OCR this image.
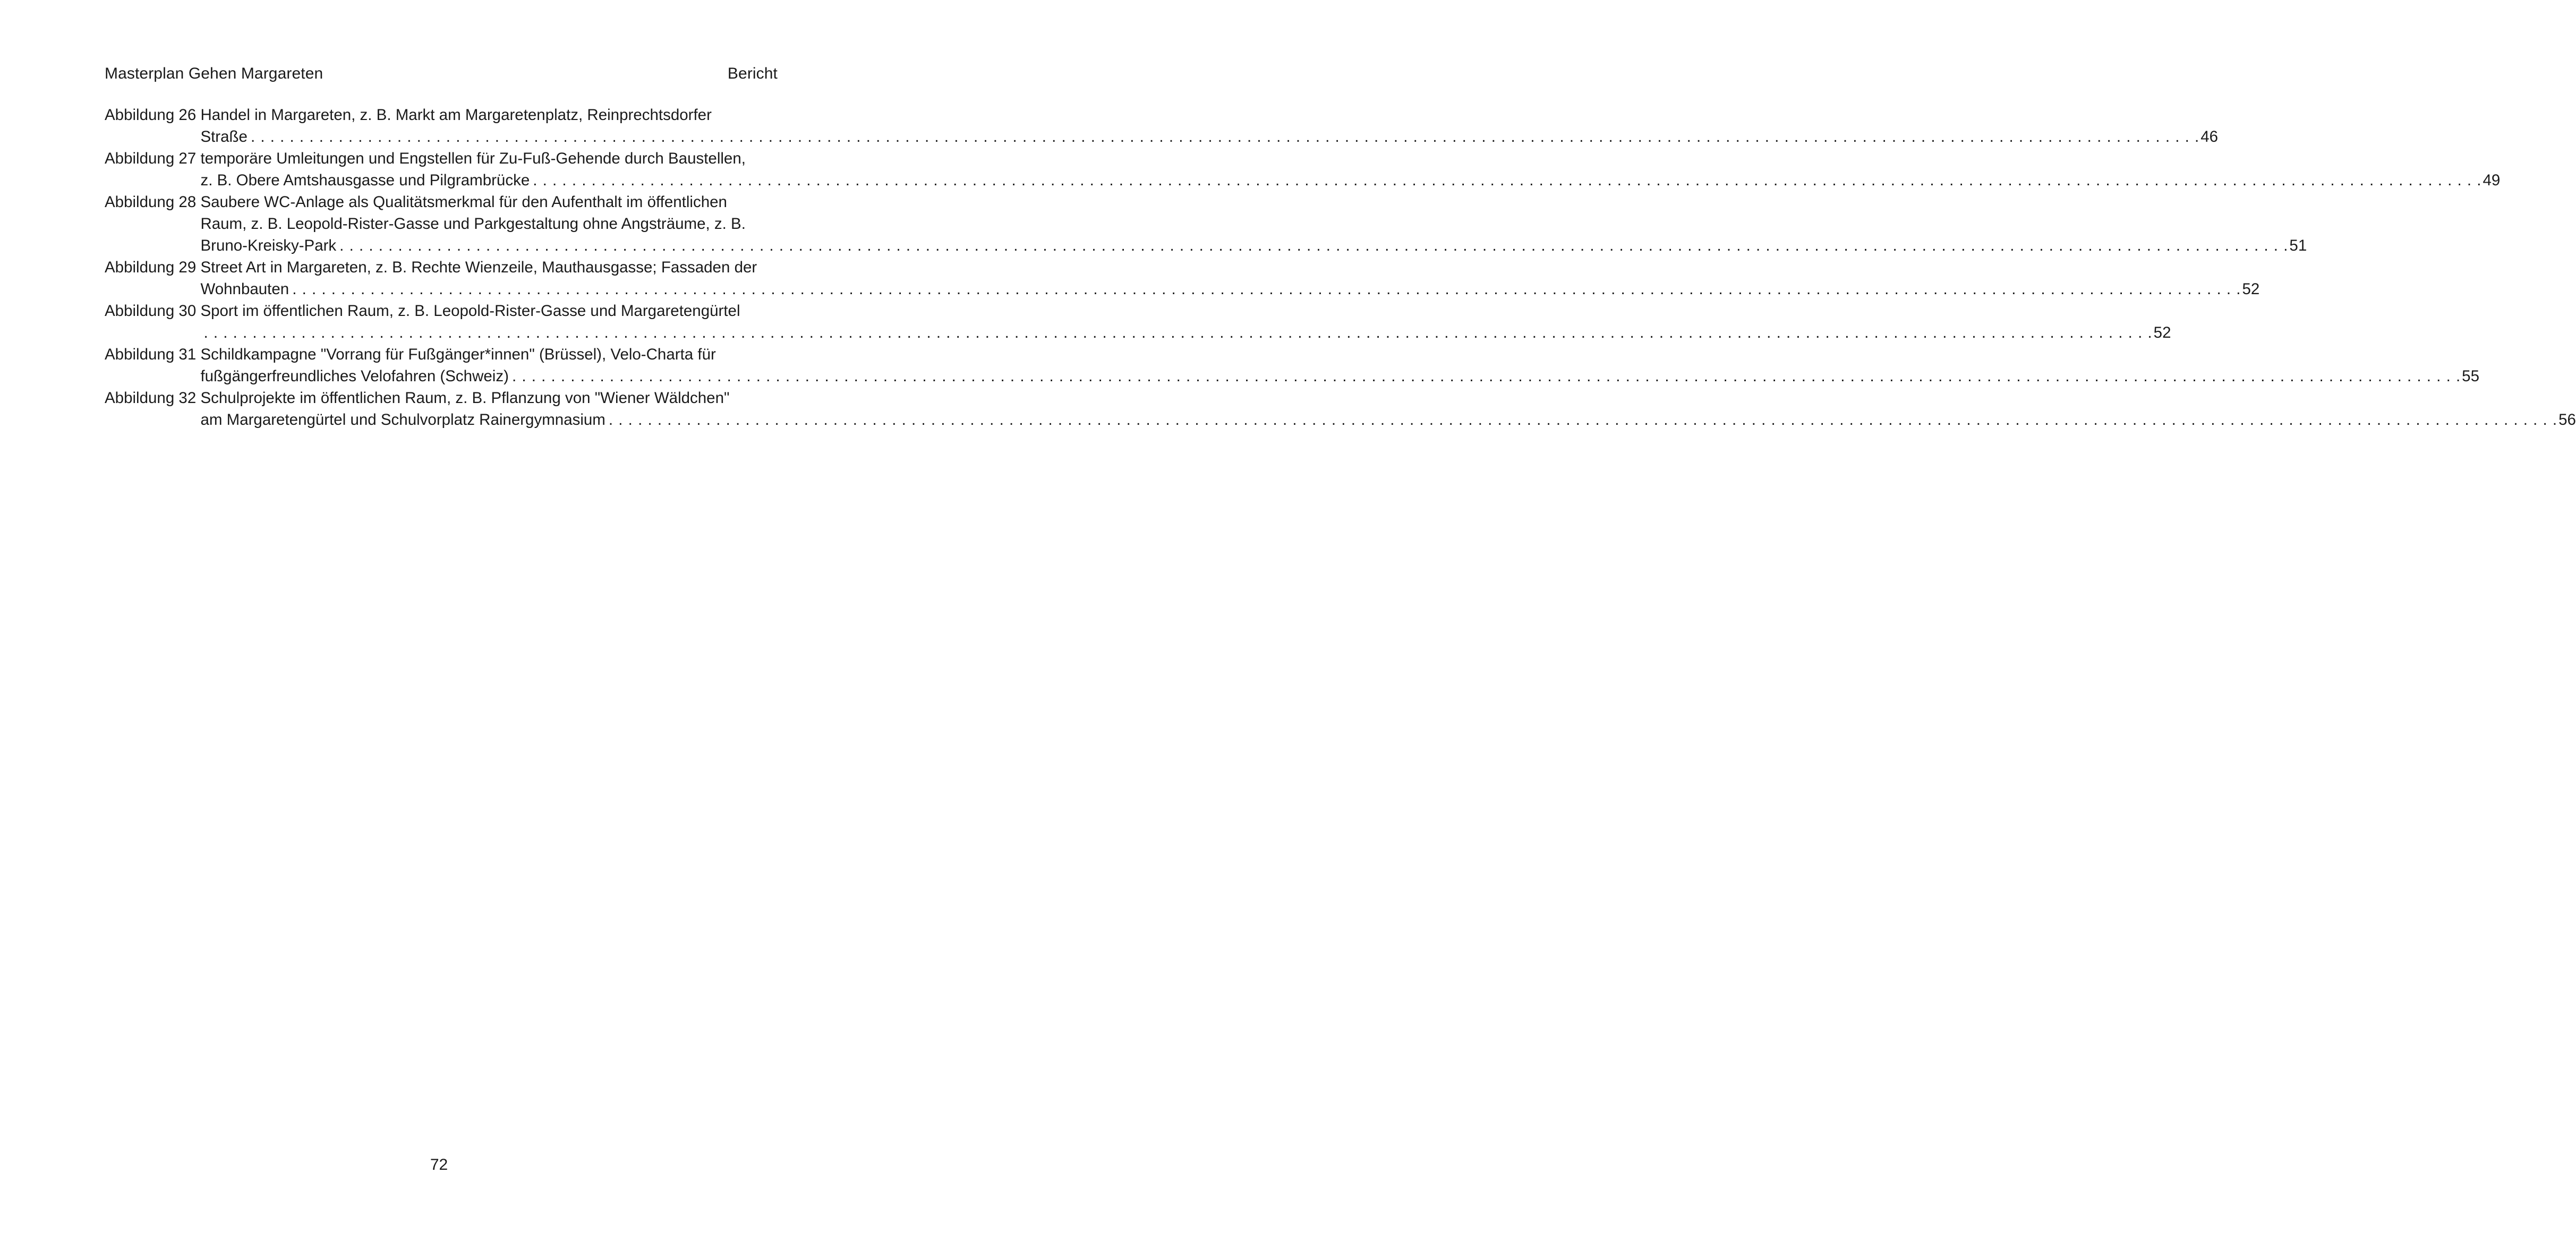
Masterplan Gehen Margareten	Bericht
Abbildung 26 Handel in Margareten, z. B. Markt am Margaretenplatz, Reinprechtsdorfer
Straße . . . . . . . . . . . . . . . . . . . . . . . . . . . . . . . . . . . . . . . . . . . . . . . . . . . . . . . . . . . . . . . . . . . . . . . . . . . . . . . . . . . . . . . . . . . . . . . . . . . . . . . . . . . . . . . . . . . . . . . . . . . . . . . . . . . . . . . . . . . . . . . . . . . . . . . . . . . . . . . . . . . . . . . . . . . . . . . . . . . . . . . . . . . . . . . . . . . . . . . . 46
Abbildung 27 temporäre Umleitungen und Engstellen für Zu-Fuß-Gehende durch Baustellen,
z. B. Obere Amtshausgasse und Pilgrambrücke . . . . . . . . . . . . . . . . . . . . . . . . . . . . . . . . . . . . . . . . . . . . . . . . . . . . . . . . . . . . . . . . . . . . . . . . . . . . . . . . . . . . . . . . . . . . . . . . . . . . . . . . . . . . . . . . . . . . . . . . . . . . . . . . . . . . . . . . . . . . . . . . . . . . . . . . . . . . . . . . . . . . . . . . . . . . . . . . . . . . . . . . . . . . . . . . . . . . . . . . 49
Abbildung 28 Saubere WC-Anlage als Qualitätsmerkmal für den Aufenthalt im öffentlichen
Raum, z. B. Leopold-Rister-Gasse und Parkgestaltung ohne Angsträume, z. B.
Bruno-Kreisky-Park . . . . . . . . . . . . . . . . . . . . . . . . . . . . . . . . . . . . . . . . . . . . . . . . . . . . . . . . . . . . . . . . . . . . . . . . . . . . . . . . . . . . . . . . . . . . . . . . . . . . . . . . . . . . . . . . . . . . . . . . . . . . . . . . . . . . . . . . . . . . . . . . . . . . . . . . . . . . . . . . . . . . . . . . . . . . . . . . . . . . . . . . . . . . . . . . . . . . . . . . 51
Abbildung 29 Street Art in Margareten, z. B. Rechte Wienzeile, Mauthausgasse; Fassaden der
Wohnbauten . . . . . . . . . . . . . . . . . . . . . . . . . . . . . . . . . . . . . . . . . . . . . . . . . . . . . . . . . . . . . . . . . . . . . . . . . . . . . . . . . . . . . . . . . . . . . . . . . . . . . . . . . . . . . . . . . . . . . . . . . . . . . . . . . . . . . . . . . . . . . . . . . . . . . . . . . . . . . . . . . . . . . . . . . . . . . . . . . . . . . . . . . . . . . . . . . . . . . . . . 52
Abbildung 30 Sport im öffentlichen Raum, z. B. Leopold-Rister-Gasse und Margaretengürtel
. . . . . . . . . . . . . . . . . . . . . . . . . . . . . . . . . . . . . . . . . . . . . . . . . . . . . . . . . . . . . . . . . . . . . . . . . . . . . . . . . . . . . . . . . . . . . . . . . . . . . . . . . . . . . . . . . . . . . . . . . . . . . . . . . . . . . . . . . . . . . . . . . . . . . . . . . . . . . . . . . . . . . . . . . . . . . . . . . . . . . . . . . . . . . . . . . . . . . . . . 52
Abbildung 31 Schildkampagne "Vorrang für Fußgänger*innen" (Brüssel), Velo-Charta für
fußgängerfreundliches Velofahren (Schweiz) . . . . . . . . . . . . . . . . . . . . . . . . . . . . . . . . . . . . . . . . . . . . . . . . . . . . . . . . . . . . . . . . . . . . . . . . . . . . . . . . . . . . . . . . . . . . . . . . . . . . . . . . . . . . . . . . . . . . . . . . . . . . . . . . . . . . . . . . . . . . . . . . . . . . . . . . . . . . . . . . . . . . . . . . . . . . . . . . . . . . . . . . . . . . . . . . . . . . . . . . 55
Abbildung 32 Schulprojekte im öffentlichen Raum, z. B. Pflanzung von "Wiener Wäldchen"
am Margaretengürtel und Schulvorplatz Rainergymnasium . . . . . . . . . . . . . . . . . . . . . . . . . . . . . . . . . . . . . . . . . . . . . . . . . . . . . . . . . . . . . . . . . . . . . . . . . . . . . . . . . . . . . . . . . . . . . . . . . . . . . . . . . . . . . . . . . . . . . . . . . . . . . . . . . . . . . . . . . . . . . . . . . . . . . . . . . . . . . . . . . . . . . . . . . . . . . . . . . . . . . . . . . . . . . . . . . . . . . . . . 56
72
